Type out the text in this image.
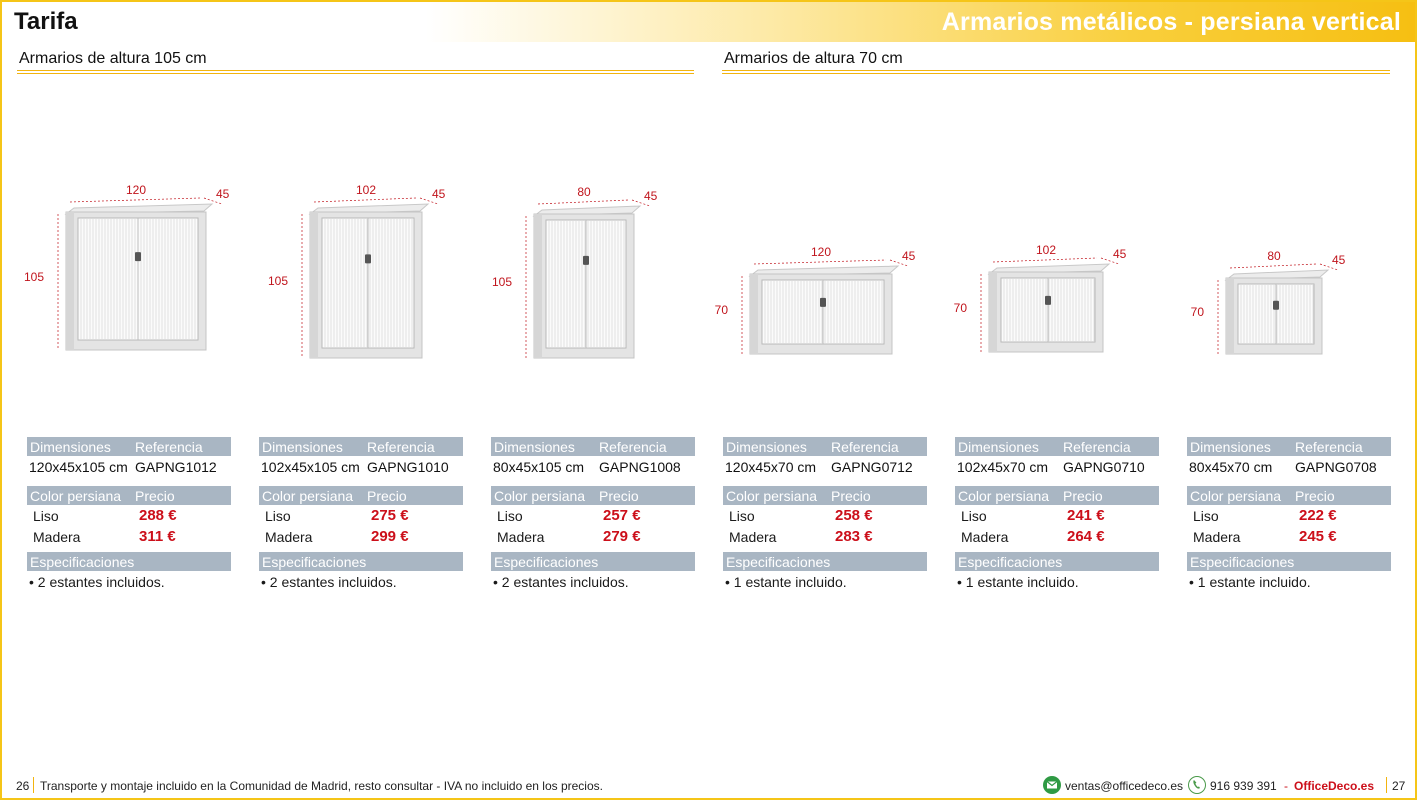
Tarifa	Armarios metálicos - persiana vertical
Armarios de altura 105 cm	Armarios de altura 70 cm
105
120	45
105
102	45
105
80	45
70
120	45
70
102	45
70
80	45
Dimensiones	Referencia
120x45x105 cm GAPNG1012
Color persiana Precio
Liso	288 €
Madera	311 €
Especificaciones
• 2 estantes incluidos.
Dimensiones	Referencia
102x45x105 cm GAPNG1010
Color persiana Precio
Liso	275 €
Madera	299 €
Especificaciones
• 2 estantes incluidos.
Dimensiones	Referencia
80x45x105 cm	GAPNG1008
Color persiana Precio
Liso	257 €
Madera	279 €
Especificaciones
• 2 estantes incluidos.
Dimensiones	Referencia
120x45x70 cm	GAPNG0712
Color persiana Precio
Liso	258 €
Madera	283 €
Especificaciones
• 1 estante incluido.
Dimensiones	Referencia
102x45x70 cm	GAPNG0710
Color persiana Precio
Liso	241 €
Madera	264 €
Especificaciones
• 1 estante incluido.
Dimensiones	Referencia
80x45x70 cm	GAPNG0708
Color persiana Precio
Liso	222 €
Madera	245 €
Especificaciones
• 1 estante incluido.
26 Transporte y montaje incluido en la Comunidad de Madrid, resto consultar - IVA no incluido en los precios.	ventas@officedeco.es 916 939 391 - OfficeDeco.es 27
